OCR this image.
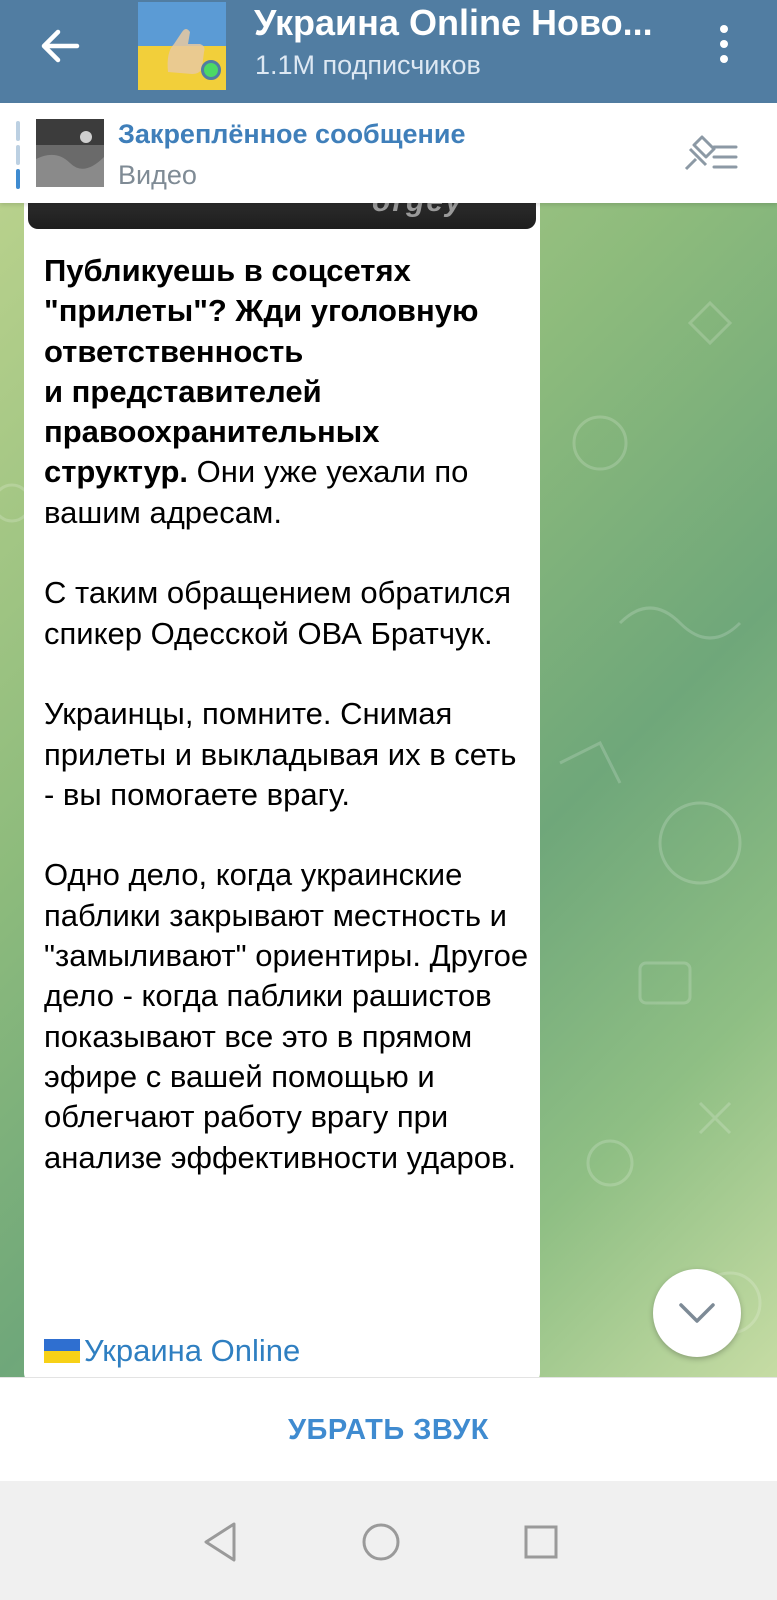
Украина Online Ново...
1.1M подписчиков
Закреплённое сообщение
Видео
Публикуешь в соцсетях "прилеты"? Жди уголовную ответственность
и представителей правоохранительных структур. Они уже уехали по вашим адресам.

С таким обращением обратился спикер Одесской ОВА Братчук.

Украинцы, помните. Снимая прилеты и выкладывая их в сеть - вы помогаете врагу.

Одно дело, когда украинские паблики закрывают местность и "замыливают" ориентиры. Другое дело - когда паблики рашистов показывают все это в прямом эфире с вашей помощью и облегчают работу врагу при анализе эффективности ударов.
Украина Online
УБРАТЬ ЗВУК
